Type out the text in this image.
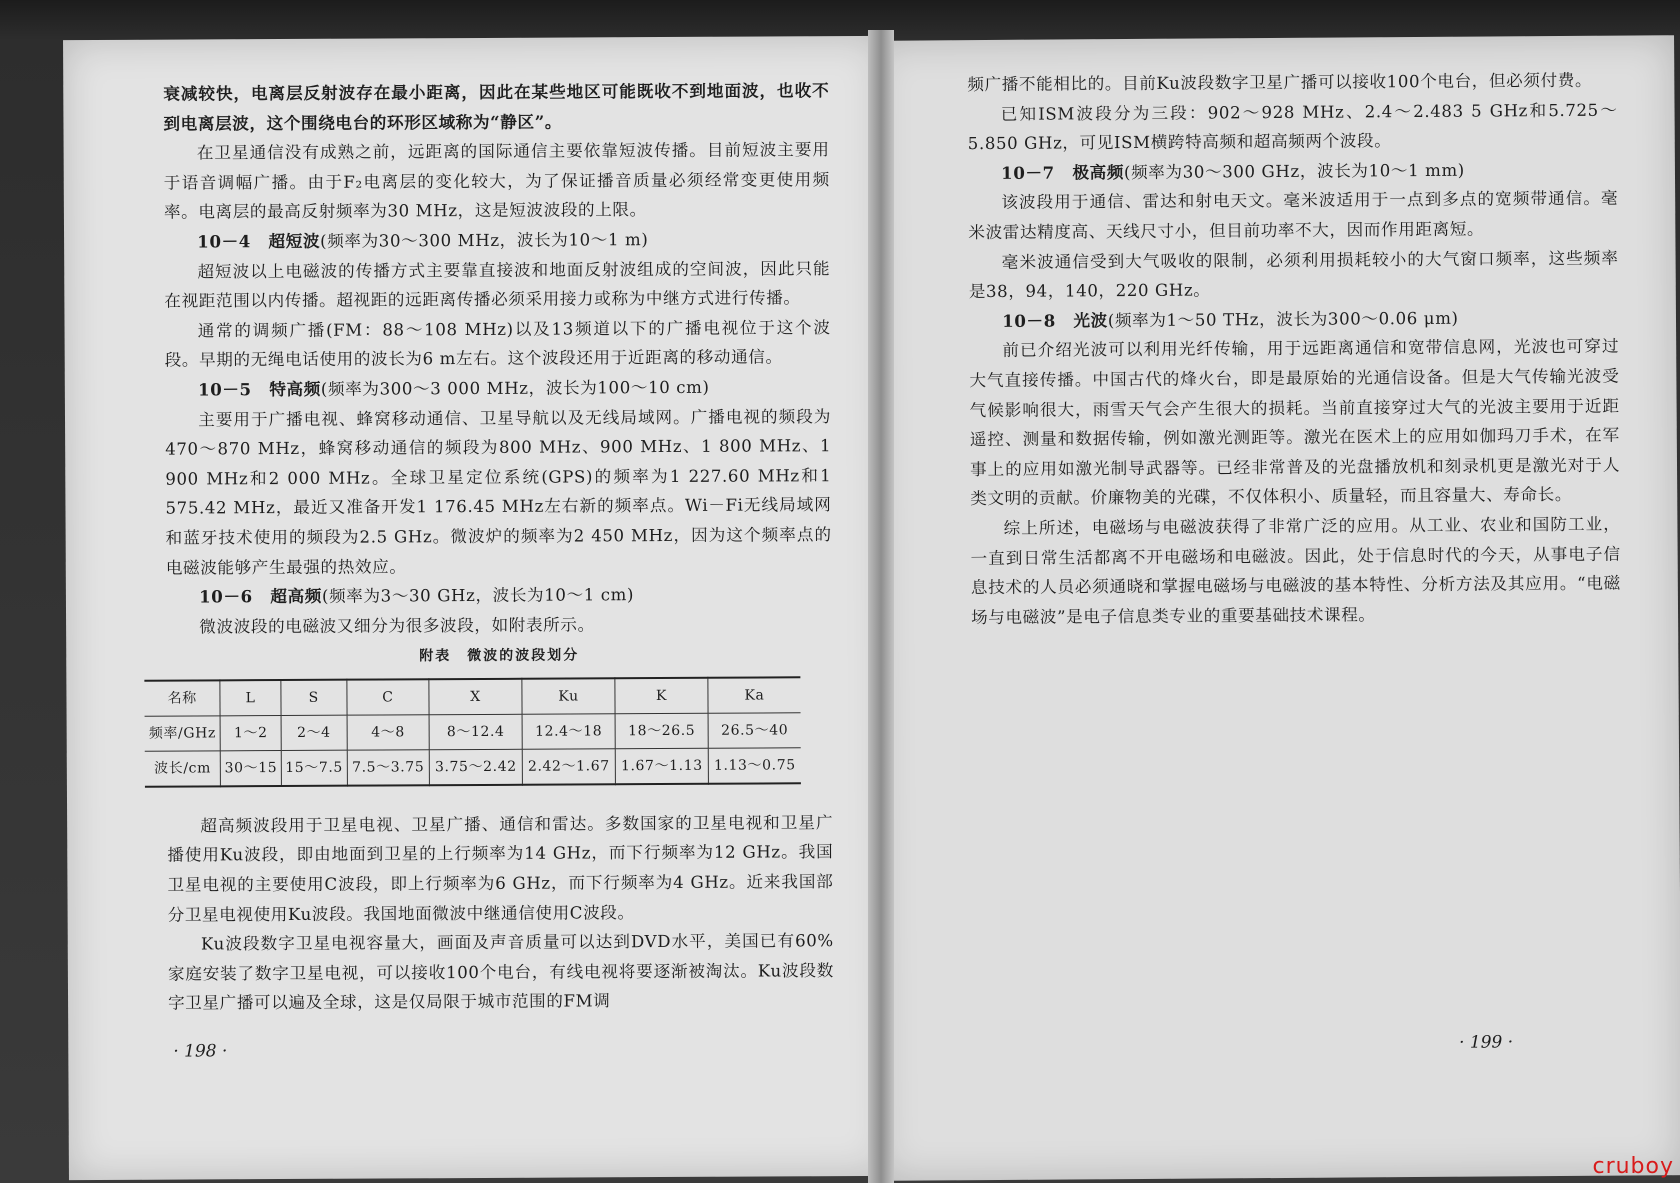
衰减较快，电离层反射波存在最小距离，因此在某些地区可能既收不到地面波，也收不到电离层波，这个围绕电台的环形区域称为“静区”。

在卫星通信没有成熟之前，远距离的国际通信主要依靠短波传播。目前短波主要用于语音调幅广播。由于F₂电离层的变化较大，为了保证播音质量必须经常变更使用频率。电离层的最高反射频率为30 MHz，这是短波波段的上限。

10－4 超短波(频率为30～300 MHz，波长为10～1 m)

超短波以上电磁波的传播方式主要靠直接波和地面反射波组成的空间波，因此只能在视距范围以内传播。超视距的远距离传播必须采用接力或称为中继方式进行传播。

通常的调频广播(FM：88～108 MHz)以及13频道以下的广播电视位于这个波段。早期的无绳电话使用的波长为6 m左右。这个波段还用于近距离的移动通信。

10－5 特高频(频率为300～3 000 MHz，波长为100～10 cm)

主要用于广播电视、蜂窝移动通信、卫星导航以及无线局域网。广播电视的频段为470～870 MHz，蜂窝移动通信的频段为800 MHz、900 MHz、1 800 MHz、1 900 MHz和2 000 MHz。全球卫星定位系统(GPS)的频率为1 227.60 MHz和1 575.42 MHz，最近又准备开发1 176.45 MHz左右新的频率点。Wi－Fi无线局域网和蓝牙技术使用的频段为2.5 GHz。微波炉的频率为2 450 MHz，因为这个频率点的电磁波能够产生最强的热效应。

10－6 超高频(频率为3～30 GHz，波长为10～1 cm)

微波波段的电磁波又细分为很多波段，如附表所示。

附表　微波的波段划分
名称	L	S	C	X	Ku	K	Ka
频率/GHz	1～2	2～4	4～8	8～12.4	12.4～18	18～26.5	26.5～40
波长/cm	30～15	15～7.5	7.5～3.75	3.75～2.42	2.42～1.67	1.67～1.13	1.13～0.75

超高频波段用于卫星电视、卫星广播、通信和雷达。多数国家的卫星电视和卫星广播使用Ku波段，即由地面到卫星的上行频率为14 GHz，而下行频率为12 GHz。我国卫星电视的主要使用C波段，即上行频率为6 GHz，而下行频率为4 GHz。近来我国部分卫星电视使用Ku波段。我国地面微波中继通信使用C波段。

Ku波段数字卫星电视容量大，画面及声音质量可以达到DVD水平，美国已有60%家庭安装了数字卫星电视，可以接收100个电台，有线电视将要逐渐被淘汰。Ku波段数字卫星广播可以遍及全球，这是仅局限于城市范围的FM调

· 198 ·

频广播不能相比的。目前Ku波段数字卫星广播可以接收100个电台，但必须付费。

已知ISM波段分为三段：902～928 MHz、2.4～2.483 5 GHz和5.725～5.850 GHz，可见ISM横跨特高频和超高频两个波段。

10－7 极高频(频率为30～300 GHz，波长为10～1 mm)

该波段用于通信、雷达和射电天文。毫米波适用于一点到多点的宽频带通信。毫米波雷达精度高、天线尺寸小，但目前功率不大，因而作用距离短。

毫米波通信受到大气吸收的限制，必须利用损耗较小的大气窗口频率，这些频率是38，94，140，220 GHz。

10－8 光波(频率为1～50 THz，波长为300～0.06 μm)

前已介绍光波可以利用光纤传输，用于远距离通信和宽带信息网，光波也可穿过大气直接传播。中国古代的烽火台，即是最原始的光通信设备。但是大气传输光波受气候影响很大，雨雪天气会产生很大的损耗。当前直接穿过大气的光波主要用于近距遥控、测量和数据传输，例如激光测距等。激光在医术上的应用如伽玛刀手术，在军事上的应用如激光制导武器等。已经非常普及的光盘播放机和刻录机更是激光对于人类文明的贡献。价廉物美的光碟，不仅体积小、质量轻，而且容量大、寿命长。

综上所述，电磁场与电磁波获得了非常广泛的应用。从工业、农业和国防工业，一直到日常生活都离不开电磁场和电磁波。因此，处于信息时代的今天，从事电子信息技术的人员必须通晓和掌握电磁场与电磁波的基本特性、分析方法及其应用。“电磁场与电磁波”是电子信息类专业的重要基础技术课程。

· 199 ·
cruboy
